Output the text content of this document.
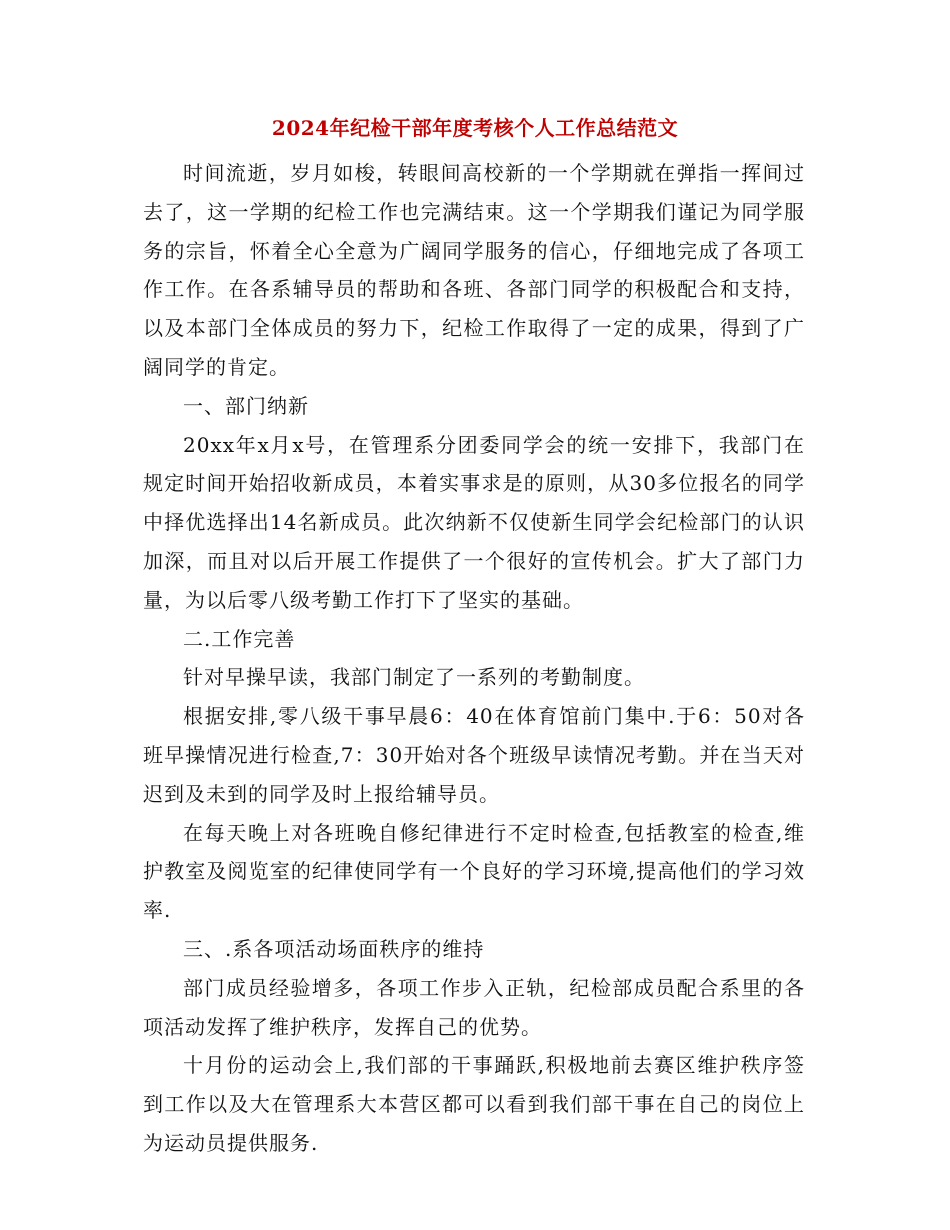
2024年纪检干部年度考核个人工作总结范文

时间流逝，岁月如梭，转眼间高校新的一个学期就在弹指一挥间过去了，这一学期的纪检工作也完满结束。这一个学期我们谨记为同学服务的宗旨，怀着全心全意为广阔同学服务的信心，仔细地完成了各项工作工作。在各系辅导员的帮助和各班、各部门同学的积极配合和支持，以及本部门全体成员的努力下，纪检工作取得了一定的成果，得到了广阔同学的肯定。

一、部门纳新

20xx年x月x号，在管理系分团委同学会的统一安排下，我部门在规定时间开始招收新成员，本着实事求是的原则，从30多位报名的同学中择优选择出14名新成员。此次纳新不仅使新生同学会纪检部门的认识加深，而且对以后开展工作提供了一个很好的宣传机会。扩大了部门力量，为以后零八级考勤工作打下了坚实的基础。

二.工作完善

针对早操早读，我部门制定了一系列的考勤制度。

根据安排,零八级干事早晨6：40在体育馆前门集中.于6：50对各班早操情况进行检查,7：30开始对各个班级早读情况考勤。并在当天对迟到及未到的同学及时上报给辅导员。

在每天晚上对各班晚自修纪律进行不定时检查,包括教室的检查,维护教室及阅览室的纪律使同学有一个良好的学习环境,提高他们的学习效率.

三、.系各项活动场面秩序的维持

部门成员经验增多，各项工作步入正轨，纪检部成员配合系里的各项活动发挥了维护秩序，发挥自己的优势。

十月份的运动会上,我们部的干事踊跃,积极地前去赛区维护秩序签到工作以及大在管理系大本营区都可以看到我们部干事在自己的岗位上为运动员提供服务.
